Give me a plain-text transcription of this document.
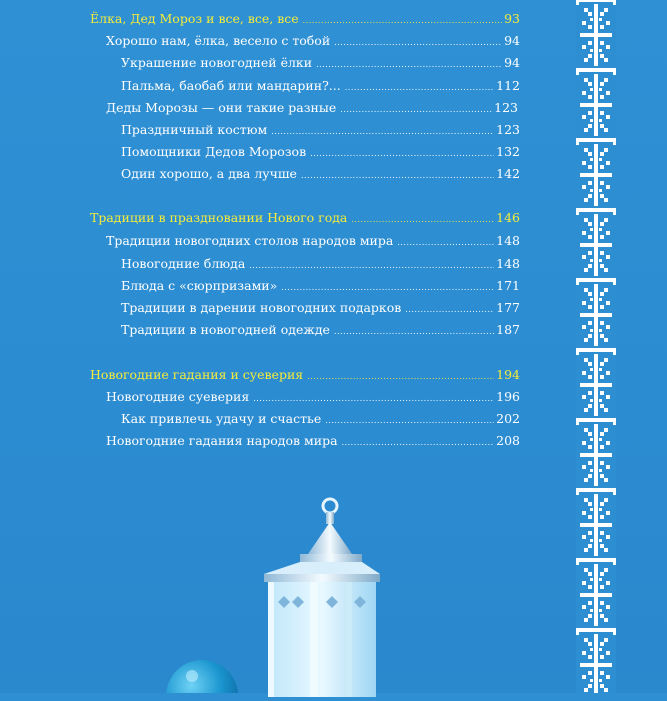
Ёлка, Дед Мороз и все, все, все .....	93
Хорошо нам, ёлка, весело с тобой .....	94
Украшение новогодней ёлки .....	94
Пальма, баобаб или мандарин?... .....	112
Деды Морозы — они такие разные .....	123
Праздничный костюм .....	123
Помощники Дедов Морозов .....	132
Один хорошо, а два лучше .....	142
Традиции в праздновании Нового года .....	146
Традиции новогодних столов народов мира .....	148
Новогодние блюда .....	148
Блюда с «сюрпризами» .....	171
Традиции в дарении новогодних подарков .....	177
Традиции в новогодней одежде .....	187
Новогодние гадания и суеверия .....	194
Новогодние суеверия .....	196
Как привлечь удачу и счастье .....	202
Новогодние гадания народов мира .....	208
